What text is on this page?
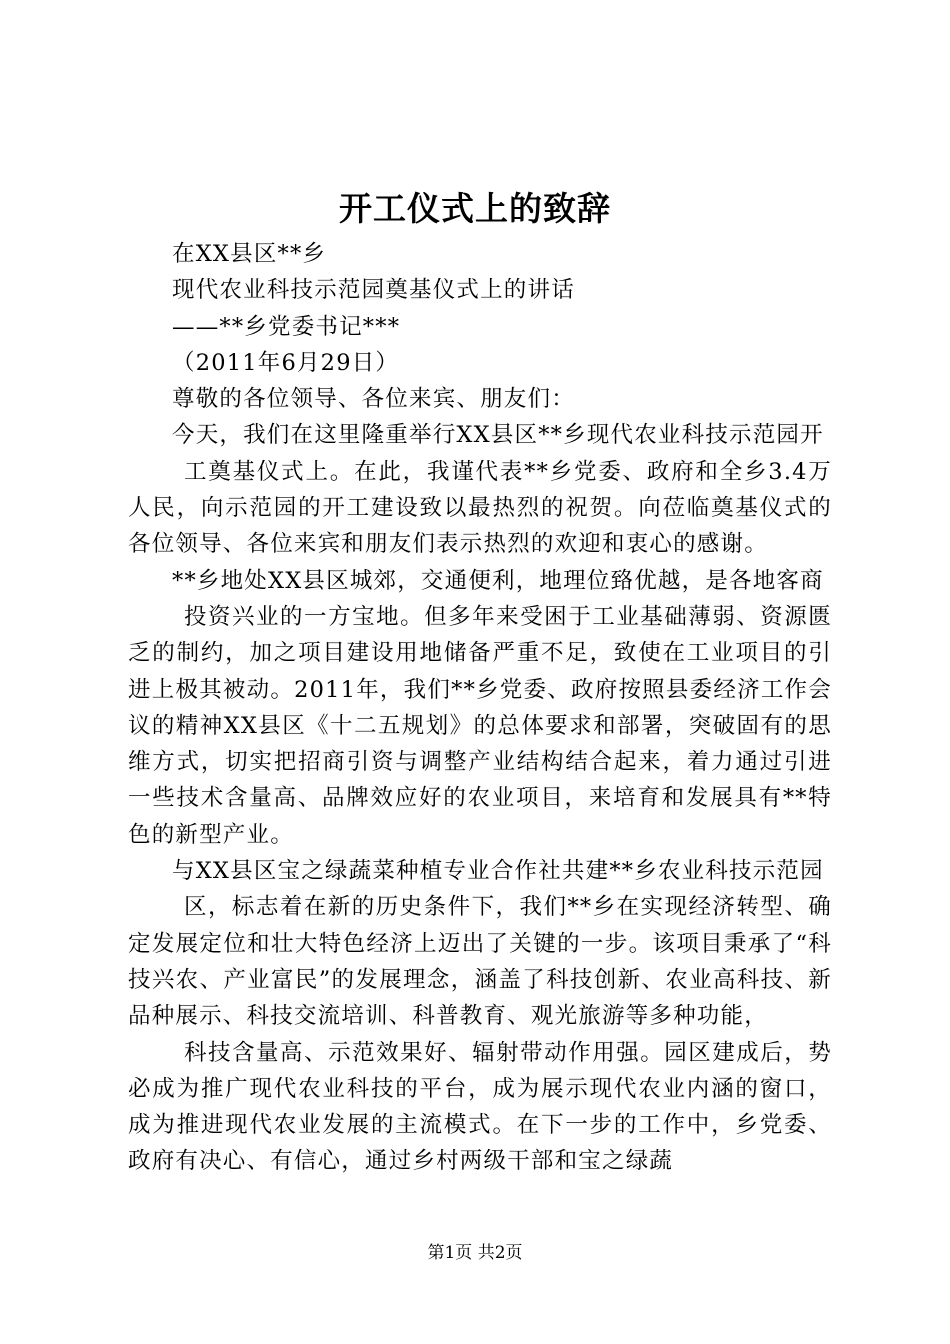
开工仪式上的致辞

在XX县区**乡

现代农业科技示范园奠基仪式上的讲话

——**乡党委书记***

（2011年6月29日）

尊敬的各位领导、各位来宾、朋友们：

今天，我们在这里隆重举行XX县区**乡现代农业科技示范园开

工奠基仪式上。在此，我谨代表**乡党委、政府和全乡3.4万人民，向示范园的开工建设致以最热烈的祝贺。向莅临奠基仪式的各位领导、各位来宾和朋友们表示热烈的欢迎和衷心的感谢。

**乡地处XX县区城郊，交通便利，地理位臵优越，是各地客商

投资兴业的一方宝地。但多年来受困于工业基础薄弱、资源匮乏的制约，加之项目建设用地储备严重不足，致使在工业项目的引进上极其被动。2011年，我们**乡党委、政府按照县委经济工作会议的精神XX县区《十二五规划》的总体要求和部署，突破固有的思维方式，切实把招商引资与调整产业结构结合起来，着力通过引进一些技术含量高、品牌效应好的农业项目，来培育和发展具有**特色的新型产业。

与XX县区宝之绿蔬菜种植专业合作社共建**乡农业科技示范园

区，标志着在新的历史条件下，我们**乡在实现经济转型、确定发展定位和壮大特色经济上迈出了关键的一步。该项目秉承了“科技兴农、产业富民”的发展理念，涵盖了科技创新、农业高科技、新品种展示、科技交流培训、科普教育、观光旅游等多种功能，

科技含量高、示范效果好、辐射带动作用强。园区建成后，势必成为推广现代农业科技的平台，成为展示现代农业内涵的窗口，成为推进现代农业发展的主流模式。在下一步的工作中，乡党委、政府有决心、有信心，通过乡村两级干部和宝之绿蔬

第1页 共2页
